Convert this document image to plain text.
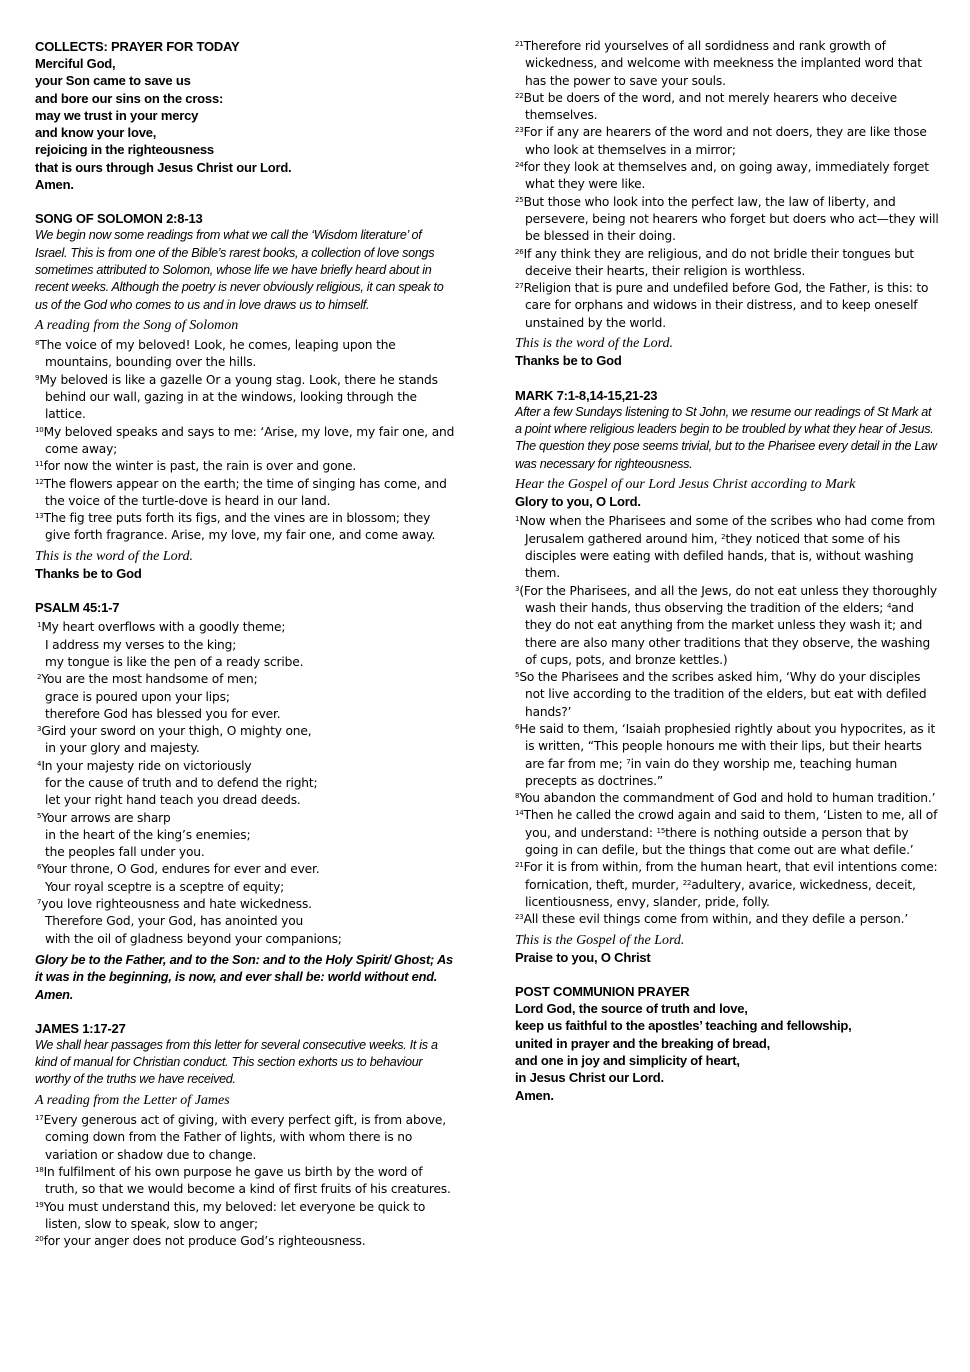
COLLECTS: PRAYER FOR TODAY
Merciful God,
your Son came to save us
and bore our sins on the cross:
may we trust in your mercy
and know your love,
rejoicing in the righteousness
that is ours through Jesus Christ our Lord.
Amen.
SONG OF SOLOMON 2:8-13
We begin now some readings from what we call the ‘Wisdom literature’ of Israel. This is from one of the Bible’s rarest books, a collection of love songs sometimes attributed to Solomon, whose life we have briefly heard about in recent weeks. Although the poetry is never obviously religious, it can speak to us of the God who comes to us and in love draws us to himself.
A reading from the Song of Solomon
$^8$The voice of my beloved! Look, he comes, leaping upon the mountains, bounding over the hills.
$^9$My beloved is like a gazelle Or a young stag. Look, there he stands behind our wall, gazing in at the windows, looking through the lattice.
$^{10}$My beloved speaks and says to me: ‘Arise, my love, my fair one, and come away;
$^{11}$for now the winter is past, the rain is over and gone.
$^{12}$The flowers appear on the earth; the time of singing has come, and the voice of the turtle-dove is heard in our land.
$^{13}$The fig tree puts forth its figs, and the vines are in blossom; they give forth fragrance. Arise, my love, my fair one, and come away.
This is the word of the Lord.
Thanks be to God
PSALM 45:1-7
$^1$My heart overflows with a goodly theme;
I address my verses to the king;
my tongue is like the pen of a ready scribe.
$^2$You are the most handsome of men;
grace is poured upon your lips;
therefore God has blessed you for ever.
$^3$Gird your sword on your thigh, O mighty one,
in your glory and majesty.
$^4$In your majesty ride on victoriously
for the cause of truth and to defend the right;
let your right hand teach you dread deeds.
$^5$Your arrows are sharp
in the heart of the king’s enemies;
the peoples fall under you.
$^6$Your throne, O God, endures for ever and ever.
Your royal sceptre is a sceptre of equity;
$^7$you love righteousness and hate wickedness.
Therefore God, your God, has anointed you
with the oil of gladness beyond your companions;
Glory be to the Father, and to the Son: and to the Holy Spirit/ Ghost; As it was in the beginning, is now, and ever shall be: world without end. Amen.
JAMES 1:17-27
We shall hear passages from this letter for several consecutive weeks. It is a kind of manual for Christian conduct. This section exhorts us to behaviour worthy of the truths we have received.
A reading from the Letter of James
$^{17}$Every generous act of giving, with every perfect gift, is from above, coming down from the Father of lights, with whom there is no variation or shadow due to change.
$^{18}$In fulfilment of his own purpose he gave us birth by the word of truth, so that we would become a kind of first fruits of his creatures.
$^{19}$You must understand this, my beloved: let everyone be quick to listen, slow to speak, slow to anger;
$^{20}$for your anger does not produce God’s righteousness.
$^{21}$Therefore rid yourselves of all sordidness and rank growth of wickedness, and welcome with meekness the implanted word that has the power to save your souls.
$^{22}$But be doers of the word, and not merely hearers who deceive themselves.
$^{23}$For if any are hearers of the word and not doers, they are like those who look at themselves in a mirror;
$^{24}$for they look at themselves and, on going away, immediately forget what they were like.
$^{25}$But those who look into the perfect law, the law of liberty, and persevere, being not hearers who forget but doers who act—they will be blessed in their doing.
$^{26}$If any think they are religious, and do not bridle their tongues but deceive their hearts, their religion is worthless.
$^{27}$Religion that is pure and undefiled before God, the Father, is this: to care for orphans and widows in their distress, and to keep oneself unstained by the world.
This is the word of the Lord.
Thanks be to God
MARK 7:1-8,14-15,21-23
After a few Sundays listening to St John, we resume our readings of St Mark at a point where religious leaders begin to be troubled by what they hear of Jesus. The question they pose seems trivial, but to the Pharisee every detail in the Law was necessary for righteousness.
Hear the Gospel of our Lord Jesus Christ according to Mark
Glory to you, O Lord.
$^1$Now when the Pharisees and some of the scribes who had come from Jerusalem gathered around him, $^2$they noticed that some of his disciples were eating with defiled hands, that is, without washing them.
$^3$(For the Pharisees, and all the Jews, do not eat unless they thoroughly wash their hands, thus observing the tradition of the elders; $^4$and they do not eat anything from the market unless they wash it; and there are also many other traditions that they observe, the washing of cups, pots, and bronze kettles.)
$^5$So the Pharisees and the scribes asked him, ‘Why do your disciples not live according to the tradition of the elders, but eat with defiled hands?’
$^6$He said to them, ‘Isaiah prophesied rightly about you hypocrites, as it is written, “This people honours me with their lips, but their hearts are far from me; $^7$in vain do they worship me, teaching human precepts as doctrines.”
$^8$You abandon the commandment of God and hold to human tradition.’
$^{14}$Then he called the crowd again and said to them, ‘Listen to me, all of you, and understand: $^{15}$there is nothing outside a person that by going in can defile, but the things that come out are what defile.’
$^{21}$For it is from within, from the human heart, that evil intentions come: fornication, theft, murder, $^{22}$adultery, avarice, wickedness, deceit, licentiousness, envy, slander, pride, folly.
$^{23}$All these evil things come from within, and they defile a person.’
This is the Gospel of the Lord.
Praise to you, O Christ
POST COMMUNION PRAYER
Lord God, the source of truth and love,
keep us faithful to the apostles’ teaching and fellowship,
united in prayer and the breaking of bread,
and one in joy and simplicity of heart,
in Jesus Christ our Lord.
Amen.
